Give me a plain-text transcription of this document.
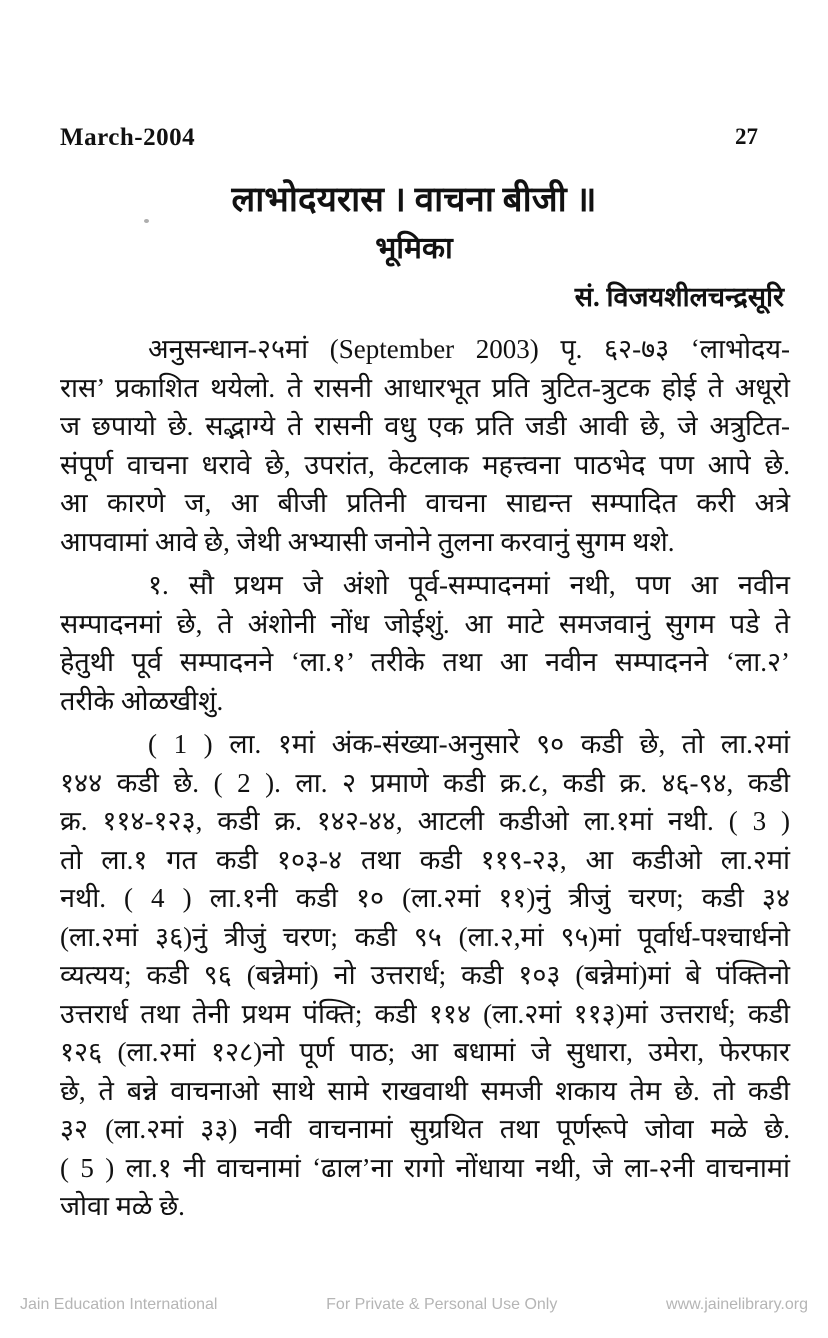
March-2004	27
लाभोदयरास । वाचना बीजी ॥
भूमिका
सं. विजयशीलचन्द्रसूरि
अनुसन्धान-२५मां (September 2003) पृ. ६२-७३ ‘लाभोदय-
रास’ प्रकाशित थयेलो. ते रासनी आधारभूत प्रति त्रुटित-त्रुटक होई ते अधूरो
ज छपायो छे. सद्भाग्ये ते रासनी वधु एक प्रति जडी आवी छे, जे अत्रुटित-
संपूर्ण वाचना धरावे छे, उपरांत, केटलाक महत्त्वना पाठभेद पण आपे छे.
आ कारणे ज, आ बीजी प्रतिनी वाचना साद्यन्त सम्पादित करी अत्रे
आपवामां आवे छे, जेथी अभ्यासी जनोने तुलना करवानुं सुगम थशे.
१. सौ प्रथम जे अंशो पूर्व-सम्पादनमां नथी, पण आ नवीन
सम्पादनमां छे, ते अंशोनी नोंध जोईशुं. आ माटे समजवानुं सुगम पडे ते
हेतुथी पूर्व सम्पादनने ‘ला.१’ तरीके तथा आ नवीन सम्पादनने ‘ला.२’
तरीके ओळखीशुं.
( 1 ) ला. १मां अंक-संख्या-अनुसारे ९० कडी छे, तो ला.२मां
१४४ कडी छे. ( 2 ). ला. २ प्रमाणे कडी क्र.८, कडी क्र. ४६-९४, कडी
क्र. ११४-१२३, कडी क्र. १४२-४४, आटली कडीओ ला.१मां नथी. ( 3 )
तो ला.१ गत कडी १०३-४ तथा कडी ११९-२३, आ कडीओ ला.२मां
नथी. ( 4 ) ला.१नी कडी १० (ला.२मां ११)नुं त्रीजुं चरण; कडी ३४
(ला.२मां ३६)नुं त्रीजुं चरण; कडी ९५ (ला.२,मां ९५)मां पूर्वार्ध-पश्चार्धनो
व्यत्यय; कडी ९६ (बन्नेमां) नो उत्तरार्ध; कडी १०३ (बन्नेमां)मां बे पंक्तिनो
उत्तरार्ध तथा तेनी प्रथम पंक्ति; कडी ११४ (ला.२मां ११३)मां उत्तरार्ध; कडी
१२६ (ला.२मां १२८)नो पूर्ण पाठ; आ बधामां जे सुधारा, उमेरा, फेरफार
छे, ते बन्ने वाचनाओ साथे सामे राखवाथी समजी शकाय तेम छे. तो कडी
३२ (ला.२मां ३३) नवी वाचनामां सुग्रथित तथा पूर्णरूपे जोवा मळे छे.
( 5 ) ला.१ नी वाचनामां ‘ढाल’ना रागो नोंधाया नथी, जे ला-२नी वाचनामां
जोवा मळे छे.
Jain Education International	For Private & Personal Use Only	www.jainelibrary.org
